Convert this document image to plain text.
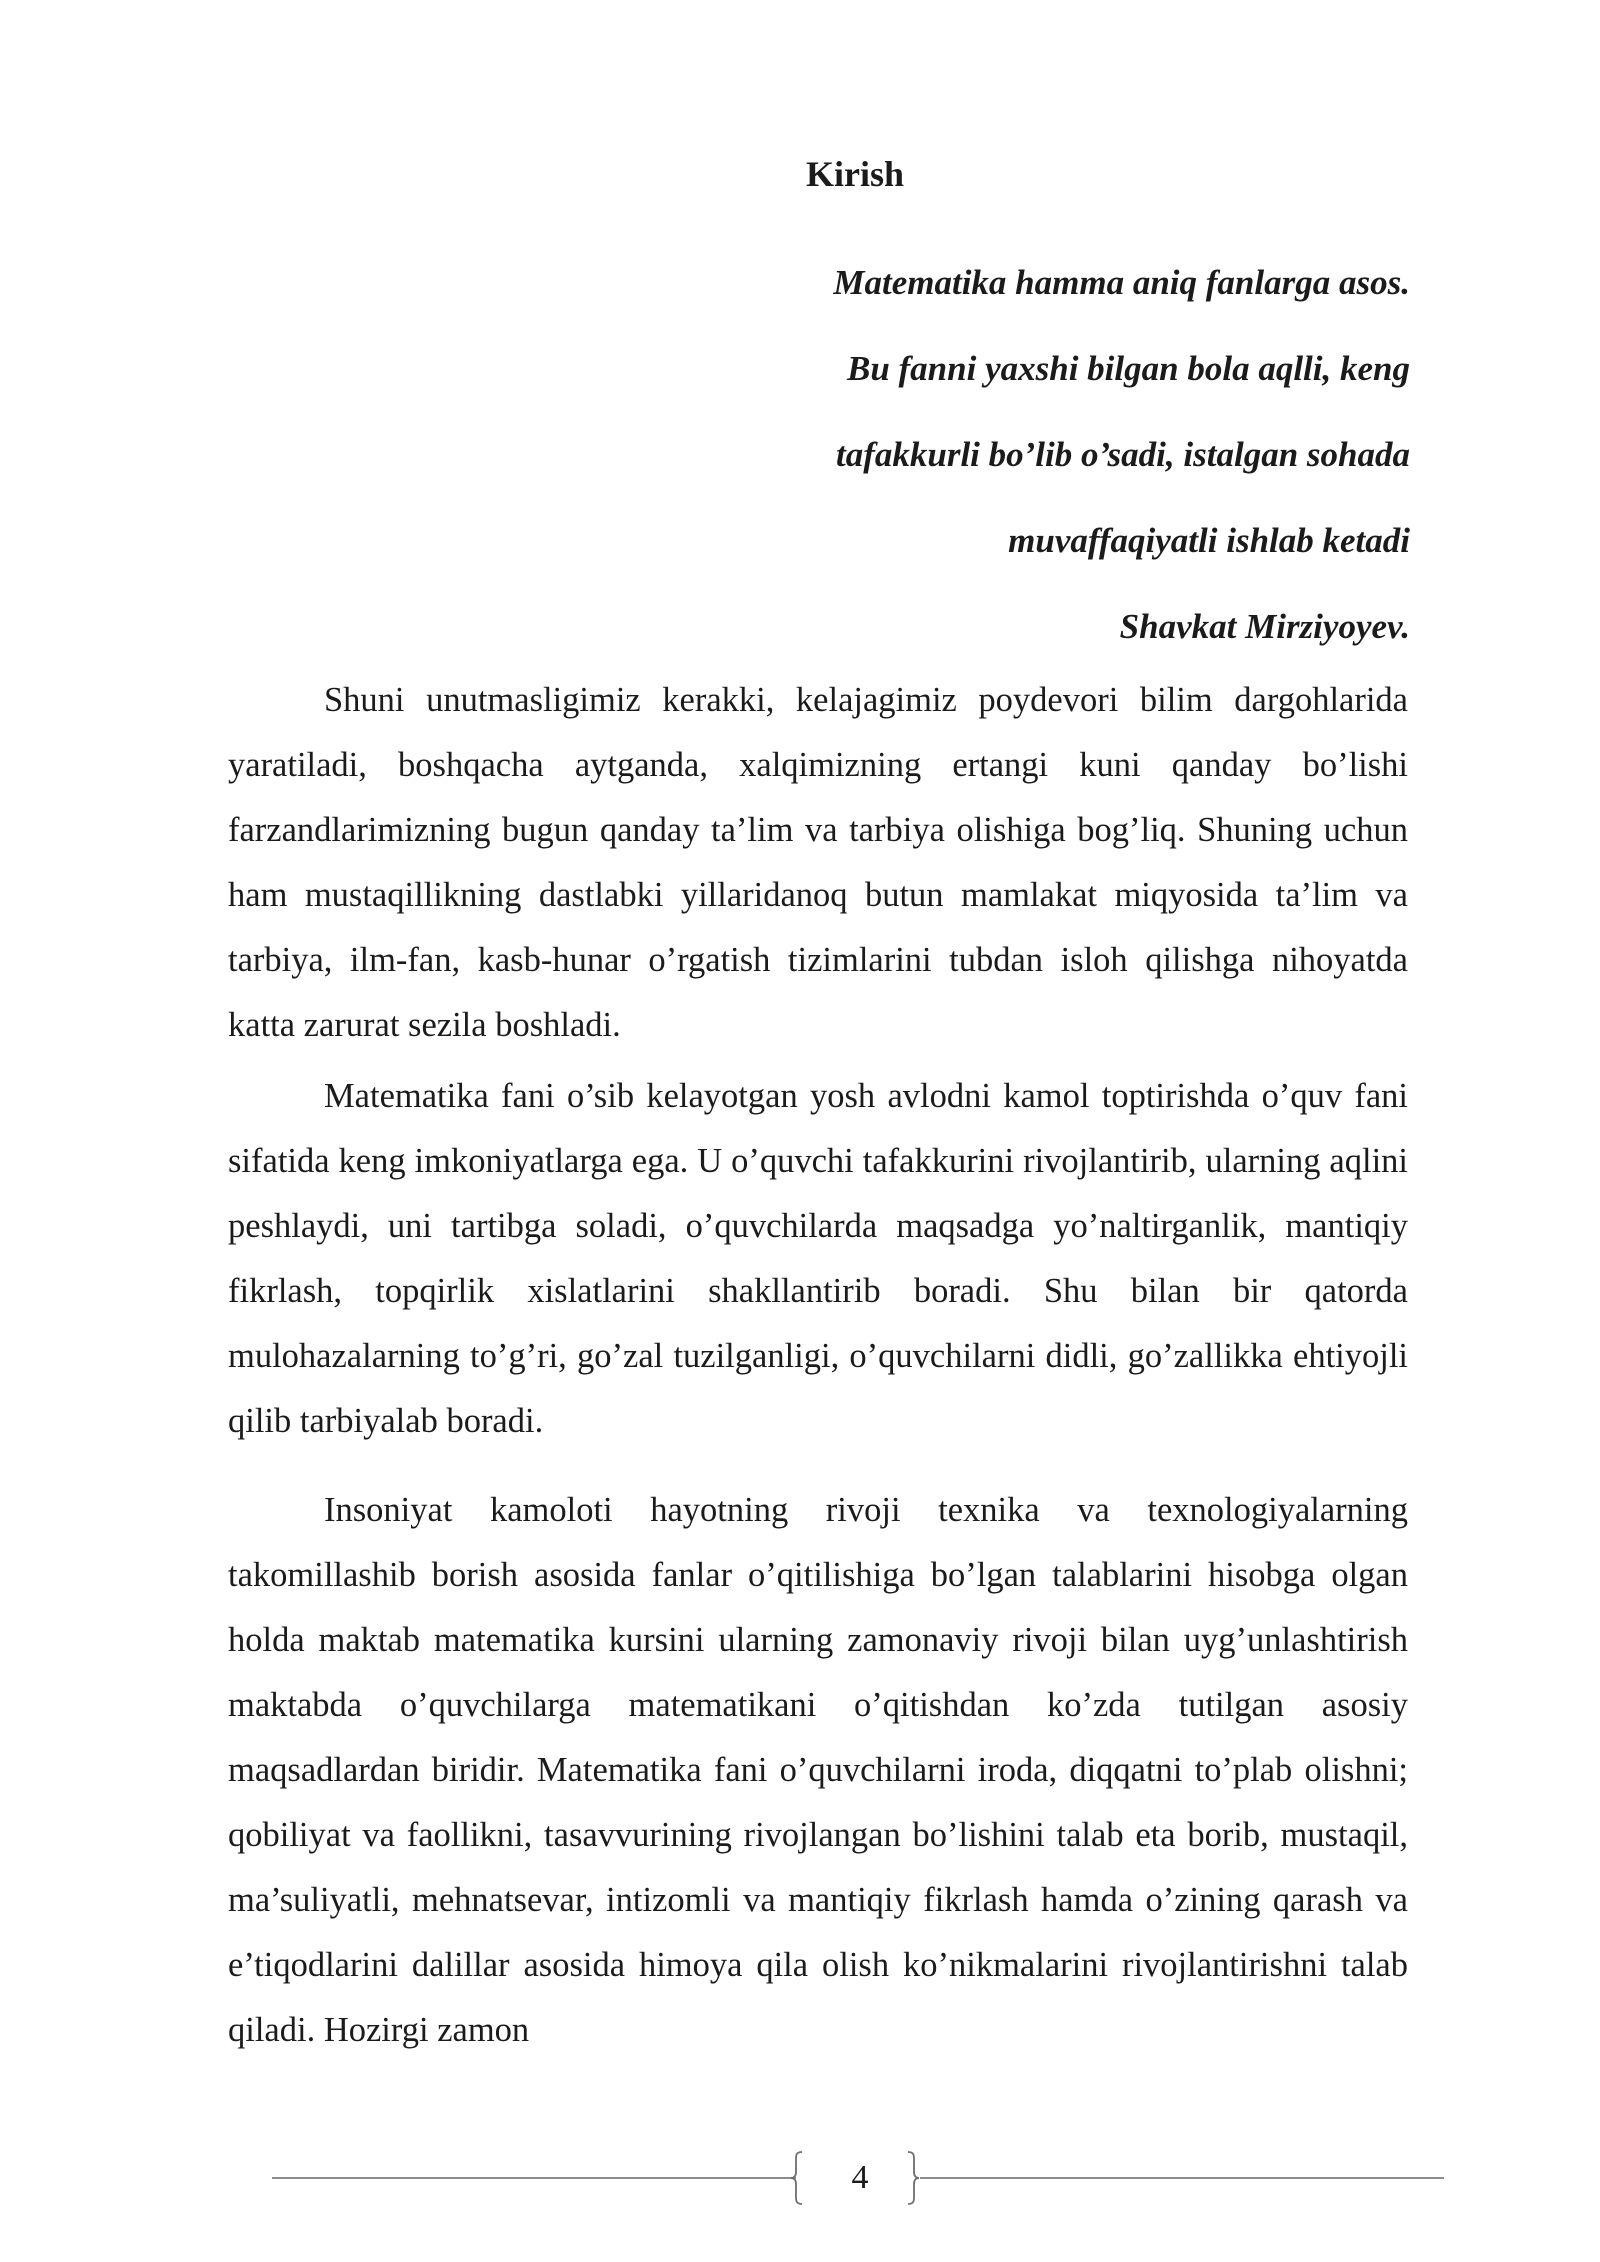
Kirish
Matematika hamma aniq fanlarga asos.
Bu fanni yaxshi bilgan bola aqlli, keng
tafakkurli bo’lib o’sadi, istalgan sohada
muvaffaqiyatli ishlab ketadi
Shavkat Mirziyoyev.

Shuni unutmasligimiz kerakki, kelajagimiz poydevori bilim dargohlarida yaratiladi, boshqacha aytganda, xalqimizning ertangi kuni qanday bo’lishi farzandlarimizning bugun qanday ta’lim va tarbiya olishiga bog’liq. Shuning uchun ham mustaqillikning dastlabki yillaridanoq butun mamlakat miqyosida ta’lim va tarbiya, ilm-fan, kasb-hunar o’rgatish tizimlarini tubdan isloh qilishga nihoyatda katta zarurat sezila boshladi.

Matematika fani o’sib kelayotgan yosh avlodni kamol toptirishda o’quv fani sifatida keng imkoniyatlarga ega. U o’quvchi tafakkurini rivojlantirib, ularning aqlini peshlaydi, uni tartibga soladi, o’quvchilarda maqsadga yo’naltirganlik, mantiqiy fikrlash, topqirlik xislatlarini shakllantirib boradi. Shu bilan bir qatorda mulohazalarning to’g’ri, go’zal tuzilganligi, o’quvchilarni didli, go’zallikka ehtiyojli qilib tarbiyalab boradi.

Insoniyat kamoloti hayotning rivoji texnika va texnologiyalarning takomillashib borish asosida fanlar o’qitilishiga bo’lgan talablarini hisobga olgan holda maktab matematika kursini ularning zamonaviy rivoji bilan uyg’unlashtirish maktabda o’quvchilarga matematikani o’qitishdan ko’zda tutilgan asosiy maqsadlardan biridir. Matematika fani o’quvchilarni iroda, diqqatni to’plab olishni; qobiliyat va faollikni, tasavvurining rivojlangan bo’lishini talab eta borib, mustaqil, ma’suliyatli, mehnatsevar, intizomli va mantiqiy fikrlash hamda o’zining qarash va e’tiqodlarini dalillar asosida himoya qila olish ko’nikmalarini rivojlantirishni talab qiladi. Hozirgi zamon

4
